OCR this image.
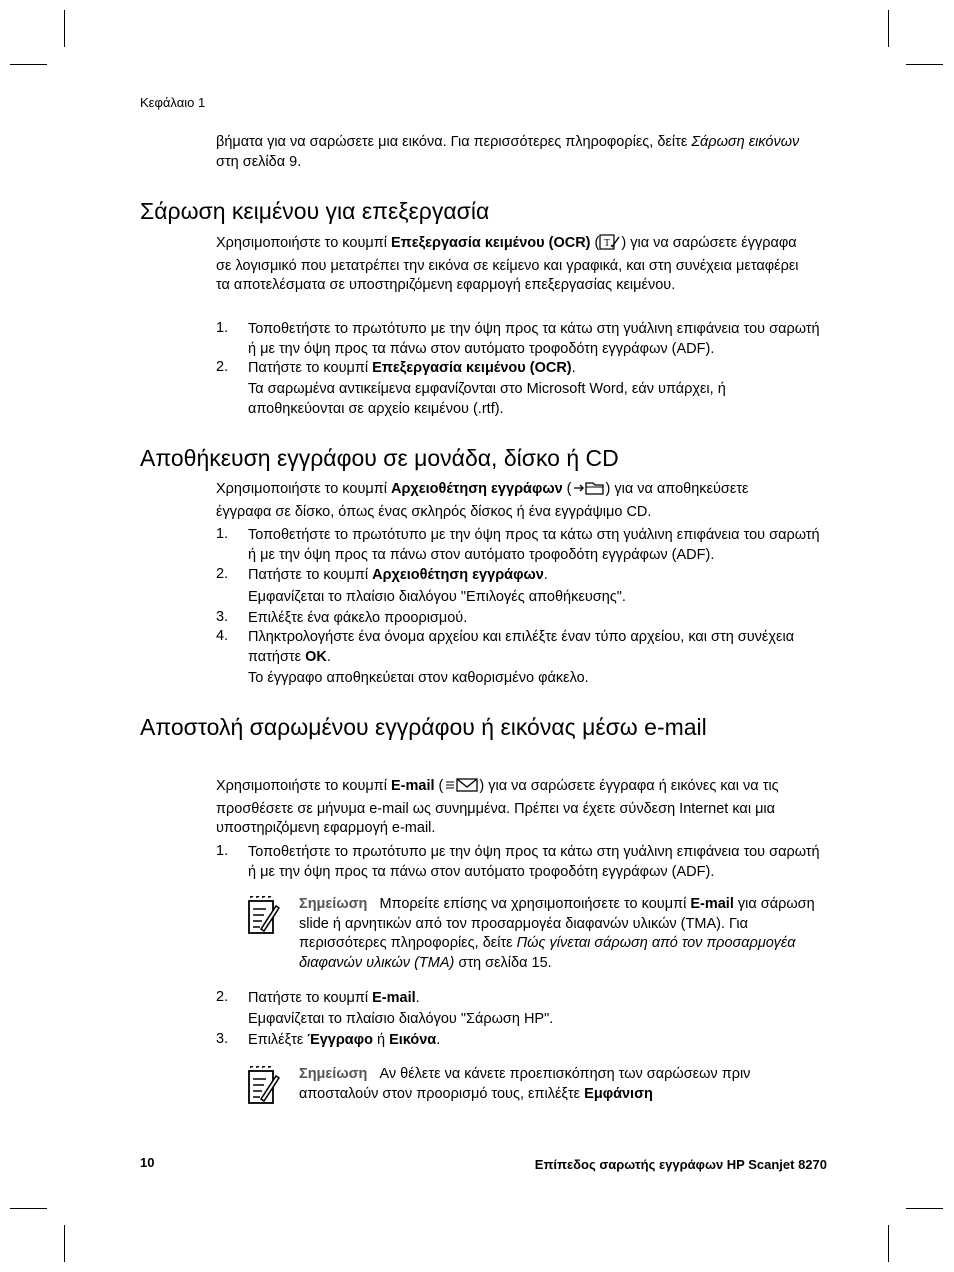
Κεφάλαιο 1
βήματα για να σαρώσετε μια εικόνα. Για περισσότερες πληροφορίες, δείτε Σάρωση εικόνων στη σελίδα 9.
Σάρωση κειμένου για επεξεργασία
Χρησιμοποιήστε το κουμπί Επεξεργασία κειμένου (OCR) ( T ) για να σαρώσετε έγγραφα σε λογισμικό που μετατρέπει την εικόνα σε κείμενο και γραφικά, και στη συνέχεια μεταφέρει τα αποτελέσματα σε υποστηριζόμενη εφαρμογή επεξεργασίας κειμένου.
1. Τοποθετήστε το πρωτότυπο με την όψη προς τα κάτω στη γυάλινη επιφάνεια του σαρωτή ή με την όψη προς τα πάνω στον αυτόματο τροφοδότη εγγράφων (ADF).
2. Πατήστε το κουμπί Επεξεργασία κειμένου (OCR).
Τα σαρωμένα αντικείμενα εμφανίζονται στο Microsoft Word, εάν υπάρχει, ή αποθηκεύονται σε αρχείο κειμένου (.rtf).
Αποθήκευση εγγράφου σε μονάδα, δίσκο ή CD
Χρησιμοποιήστε το κουμπί Αρχειοθέτηση εγγράφων ( ) για να αποθηκεύσετε έγγραφα σε δίσκο, όπως ένας σκληρός δίσκος ή ένα εγγράψιμο CD.
1. Τοποθετήστε το πρωτότυπο με την όψη προς τα κάτω στη γυάλινη επιφάνεια του σαρωτή ή με την όψη προς τα πάνω στον αυτόματο τροφοδότη εγγράφων (ADF).
2. Πατήστε το κουμπί Αρχειοθέτηση εγγράφων.
Εμφανίζεται το πλαίσιο διαλόγου "Επιλογές αποθήκευσης".
3. Επιλέξτε ένα φάκελο προορισμού.
4. Πληκτρολογήστε ένα όνομα αρχείου και επιλέξτε έναν τύπο αρχείου, και στη συνέχεια πατήστε OK.
Το έγγραφο αποθηκεύεται στον καθορισμένο φάκελο.
Αποστολή σαρωμένου εγγράφου ή εικόνας μέσω e-mail
Χρησιμοποιήστε το κουμπί E-mail ( ) για να σαρώσετε έγγραφα ή εικόνες και να τις προσθέσετε σε μήνυμα e-mail ως συνημμένα. Πρέπει να έχετε σύνδεση Internet και μια υποστηριζόμενη εφαρμογή e-mail.
1. Τοποθετήστε το πρωτότυπο με την όψη προς τα κάτω στη γυάλινη επιφάνεια του σαρωτή ή με την όψη προς τα πάνω στον αυτόματο τροφοδότη εγγράφων (ADF).
Σημείωση Μπορείτε επίσης να χρησιμοποιήσετε το κουμπί E-mail για σάρωση slide ή αρνητικών από τον προσαρμογέα διαφανών υλικών (TMA). Για περισσότερες πληροφορίες, δείτε Πώς γίνεται σάρωση από τον προσαρμογέα διαφανών υλικών (TMA) στη σελίδα 15.
2. Πατήστε το κουμπί E-mail.
Εμφανίζεται το πλαίσιο διαλόγου "Σάρωση HP".
3. Επιλέξτε Έγγραφο ή Εικόνα.
Σημείωση Αν θέλετε να κάνετε προεπισκόπηση των σαρώσεων πριν αποσταλούν στον προορισμό τους, επιλέξτε Εμφάνιση
10	Επίπεδος σαρωτής εγγράφων HP Scanjet 8270
